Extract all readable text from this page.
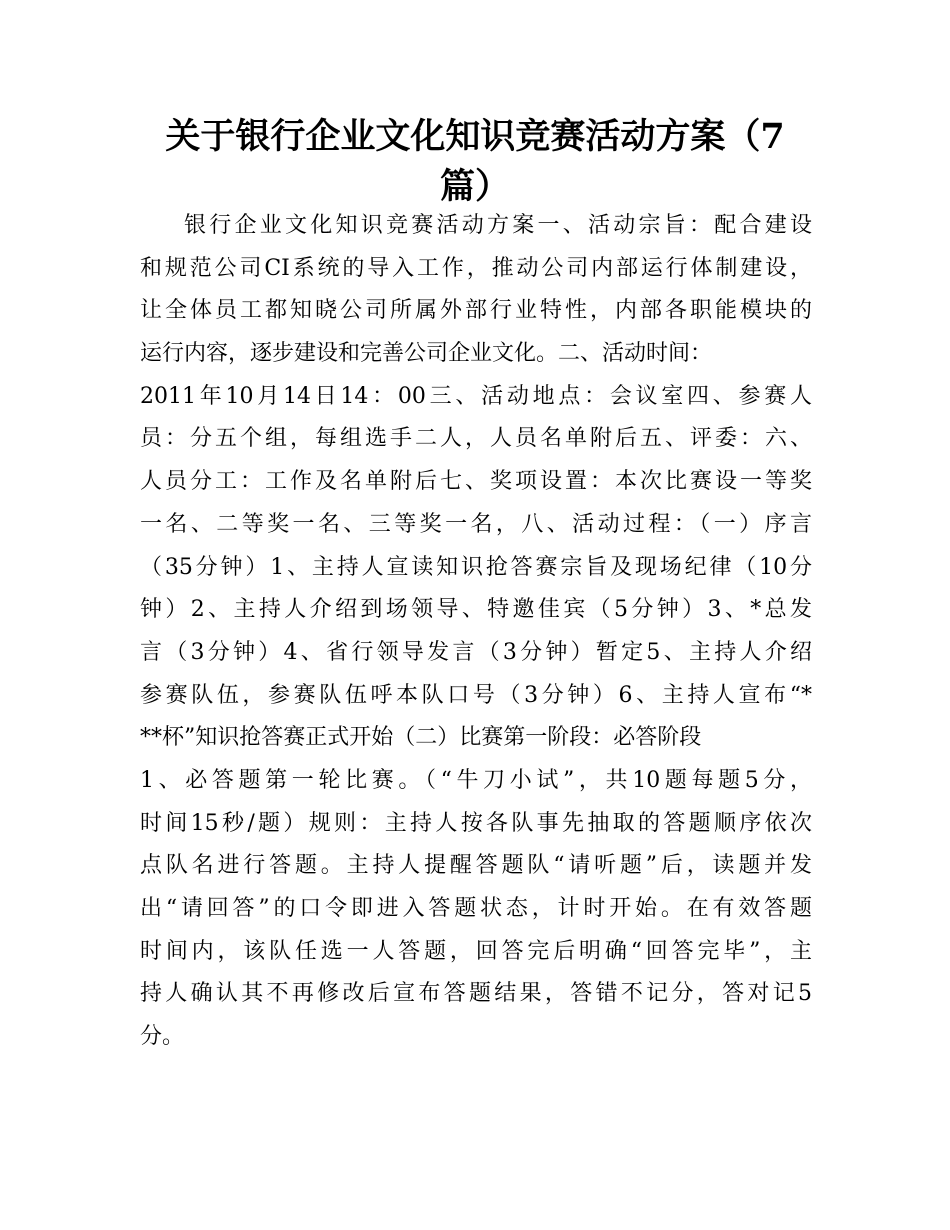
关于银行企业文化知识竞赛活动方案（7
篇）
银行企业文化知识竞赛活动方案一、活动宗旨：配合建设
和规范公司CI系统的导入工作，推动公司内部运行体制建设，
让全体员工都知晓公司所属外部行业特性，内部各职能模块的
运行内容，逐步建设和完善公司企业文化。二、活动时间：
2011年10月14日14：00三、活动地点：会议室四、参赛人
员：分五个组，每组选手二人，人员名单附后五、评委：六、
人员分工：工作及名单附后七、奖项设置：本次比赛设一等奖
一名、二等奖一名、三等奖一名，八、活动过程：（一）序言
（35分钟）1、主持人宣读知识抢答赛宗旨及现场纪律（10分
钟）2、主持人介绍到场领导、特邀佳宾（5分钟）3、*总发
言（3分钟）4、省行领导发言（3分钟）暂定5、主持人介绍
参赛队伍，参赛队伍呼本队口号（3分钟）6、主持人宣布“*
**杯”知识抢答赛正式开始（二）比赛第一阶段：必答阶段
1、必答题第一轮比赛。（“牛刀小试”，共10题每题5分，
时间15秒/题）规则：主持人按各队事先抽取的答题顺序依次
点队名进行答题。主持人提醒答题队“请听题”后，读题并发
出“请回答”的口令即进入答题状态，计时开始。在有效答题
时间内，该队任选一人答题，回答完后明确“回答完毕”，主
持人确认其不再修改后宣布答题结果，答错不记分，答对记5
分。
